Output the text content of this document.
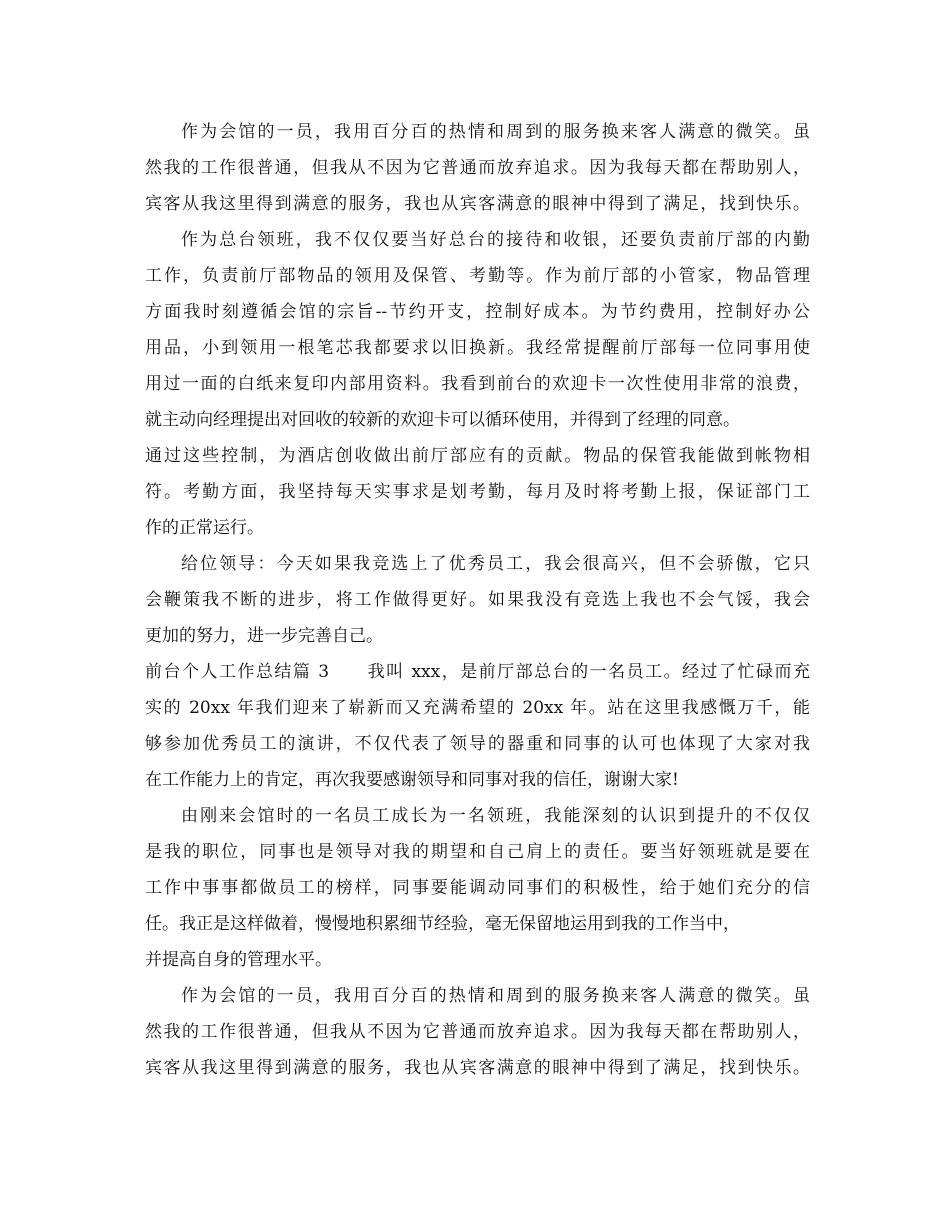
作为会馆的一员，我用百分百的热情和周到的服务换来客人满意的微笑。虽
然我的工作很普通，但我从不因为它普通而放弃追求。因为我每天都在帮助别人，
宾客从我这里得到满意的服务，我也从宾客满意的眼神中得到了满足，找到快乐。
作为总台领班，我不仅仅要当好总台的接待和收银，还要负责前厅部的内勤
工作，负责前厅部物品的领用及保管、考勤等。作为前厅部的小管家，物品管理
方面我时刻遵循会馆的宗旨--节约开支，控制好成本。为节约费用，控制好办公
用品，小到领用一根笔芯我都要求以旧换新。我经常提醒前厅部每一位同事用使
用过一面的白纸来复印内部用资料。我看到前台的欢迎卡一次性使用非常的浪费，
就主动向经理提出对回收的较新的欢迎卡可以循环使用，并得到了经理的同意。
通过这些控制，为酒店创收做出前厅部应有的贡献。物品的保管我能做到帐物相
符。考勤方面，我坚持每天实事求是划考勤，每月及时将考勤上报，保证部门工
作的正常运行。
给位领导：今天如果我竞选上了优秀员工，我会很高兴，但不会骄傲，它只
会鞭策我不断的进步，将工作做得更好。如果我没有竞选上我也不会气馁，我会
更加的努力，进一步完善自己。
前台个人工作总结篇 3　　我叫 xxx，是前厅部总台的一名员工。经过了忙碌而充
实的 20xx 年我们迎来了崭新而又充满希望的 20xx 年。站在这里我感慨万千，能
够参加优秀员工的演讲，不仅代表了领导的器重和同事的认可也体现了大家对我
在工作能力上的肯定，再次我要感谢领导和同事对我的信任，谢谢大家!
由刚来会馆时的一名员工成长为一名领班，我能深刻的认识到提升的不仅仅
是我的职位，同事也是领导对我的期望和自己肩上的责任。要当好领班就是要在
工作中事事都做员工的榜样，同事要能调动同事们的积极性，给于她们充分的信
任。我正是这样做着，慢慢地积累细节经验，毫无保留地运用到我的工作当中，
并提高自身的管理水平。
作为会馆的一员，我用百分百的热情和周到的服务换来客人满意的微笑。虽
然我的工作很普通，但我从不因为它普通而放弃追求。因为我每天都在帮助别人，
宾客从我这里得到满意的服务，我也从宾客满意的眼神中得到了满足，找到快乐。
